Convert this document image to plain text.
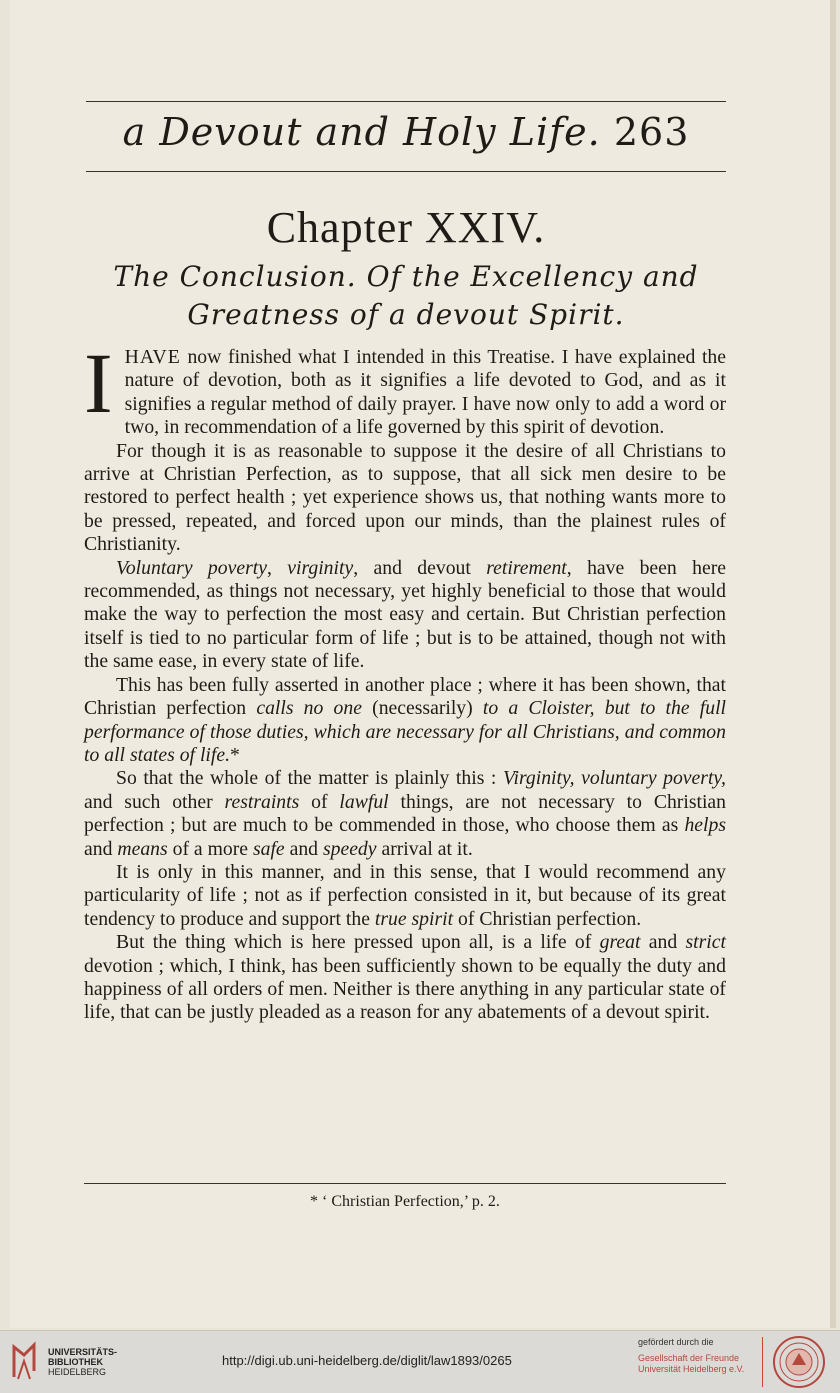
a Devout and Holy Life. 263
Chapter XXIV.
The Conclusion. Of the Excellency and
Greatness of a devout Spirit.

IHAVE now finished what I intended in this Treatise. I have explained the nature of devotion, both as it signifies a life devoted to God, and as it signifies a regular method of daily prayer. I have now only to add a word or two, in recommendation of a life governed by this spirit of devotion.

For though it is as reasonable to suppose it the desire of all Christians to arrive at Christian Perfection, as to suppose, that all sick men desire to be restored to perfect health ; yet experience shows us, that nothing wants more to be pressed, repeated, and forced upon our minds, than the plainest rules of Christianity.

Voluntary poverty, virginity, and devout retirement, have been here recommended, as things not necessary, yet highly beneficial to those that would make the way to perfection the most easy and certain. But Christian perfection itself is tied to no particular form of life ; but is to be attained, though not with the same ease, in every state of life.

This has been fully asserted in another place ; where it has been shown, that Christian perfection calls no one (necessarily) to a Cloister, but to the full performance of those duties, which are necessary for all Christians, and common to all states of life.*

So that the whole of the matter is plainly this : Virginity, voluntary poverty, and such other restraints of lawful things, are not necessary to Christian perfection ; but are much to be commended in those, who choose them as helps and means of a more safe and speedy arrival at it.

It is only in this manner, and in this sense, that I would recommend any particularity of life ; not as if perfection consisted in it, but because of its great tendency to produce and support the true spirit of Christian perfection.

But the thing which is here pressed upon all, is a life of great and strict devotion ; which, I think, has been sufficiently shown to be equally the duty and happiness of all orders of men. Neither is there anything in any particular state of life, that can be justly pleaded as a reason for any abatements of a devout spirit.

* ‘ Christian Perfection,’ p. 2.
UNIVERSITÄTS-
BIBLIOTHEK
HEIDELBERG
http://digi.ub.uni-heidelberg.de/diglit/law1893/0265
gefördert durch die
Gesellschaft der Freunde
Universität Heidelberg e.V.
